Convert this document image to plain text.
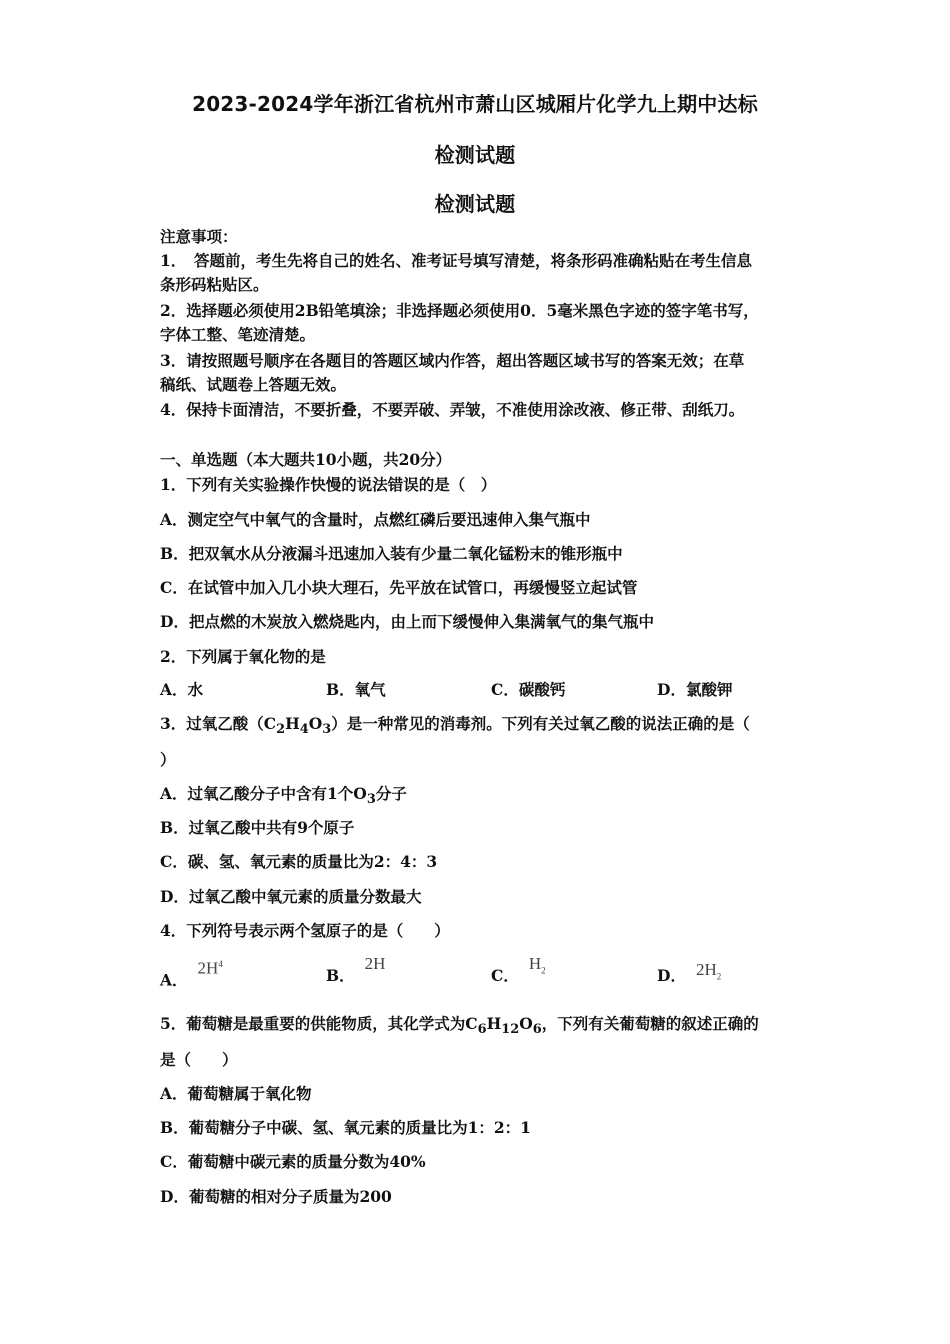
2023-2024学年浙江省杭州市萧山区城厢片化学九上期中达标
检测试题
检测试题
注意事项：
1．　答题前，考生先将自己的姓名、准考证号填写清楚，将条形码准确粘贴在考生信息
条形码粘贴区。
2．选择题必须使用2B铅笔填涂；非选择题必须使用0．5毫米黑色字迹的签字笔书写，
字体工整、笔迹清楚。
3．请按照题号顺序在各题目的答题区域内作答，超出答题区域书写的答案无效；在草
稿纸、试题卷上答题无效。
4．保持卡面清洁，不要折叠，不要弄破、弄皱，不准使用涂改液、修正带、刮纸刀。
一、单选题（本大题共10小题，共20分）
1．下列有关实验操作快慢的说法错误的是（　）
A．测定空气中氧气的含量时，点燃红磷后要迅速伸入集气瓶中
B．把双氧水从分液漏斗迅速加入装有少量二氧化锰粉末的锥形瓶中
C．在试管中加入几小块大理石，先平放在试管口，再缓慢竖立起试管
D．把点燃的木炭放入燃烧匙内，由上而下缓慢伸入集满氧气的集气瓶中
2．下列属于氧化物的是
A．水	B．氧气	C．碳酸钙	D．氯酸钾
3．过氧乙酸$(C_2H_4O_3)$是一种常见的消毒剂。下列有关过氧乙酸的说法正确的是（
）
A．过氧乙酸分子中含有1个$O_3$分子
B．过氧乙酸中共有9个原子
C．碳、氢、氧元素的质量比为2：4：3
D．过氧乙酸中氧元素的质量分数最大
4．下列符号表示两个氢原子的是（　　）
A．$2H^4$
B．2H
C．$H_2$	D． $2H_2$
5．葡萄糖是最重要的供能物质，其化学式为$C_6H_{12}O_6$，下列有关葡萄糖的叙述正确的
是（　　）
A．葡萄糖属于氧化物
B．葡萄糖分子中碳、氢、氧元素的质量比为1：2：1
C．葡萄糖中碳元素的质量分数为40%
D．葡萄糖的相对分子质量为200
